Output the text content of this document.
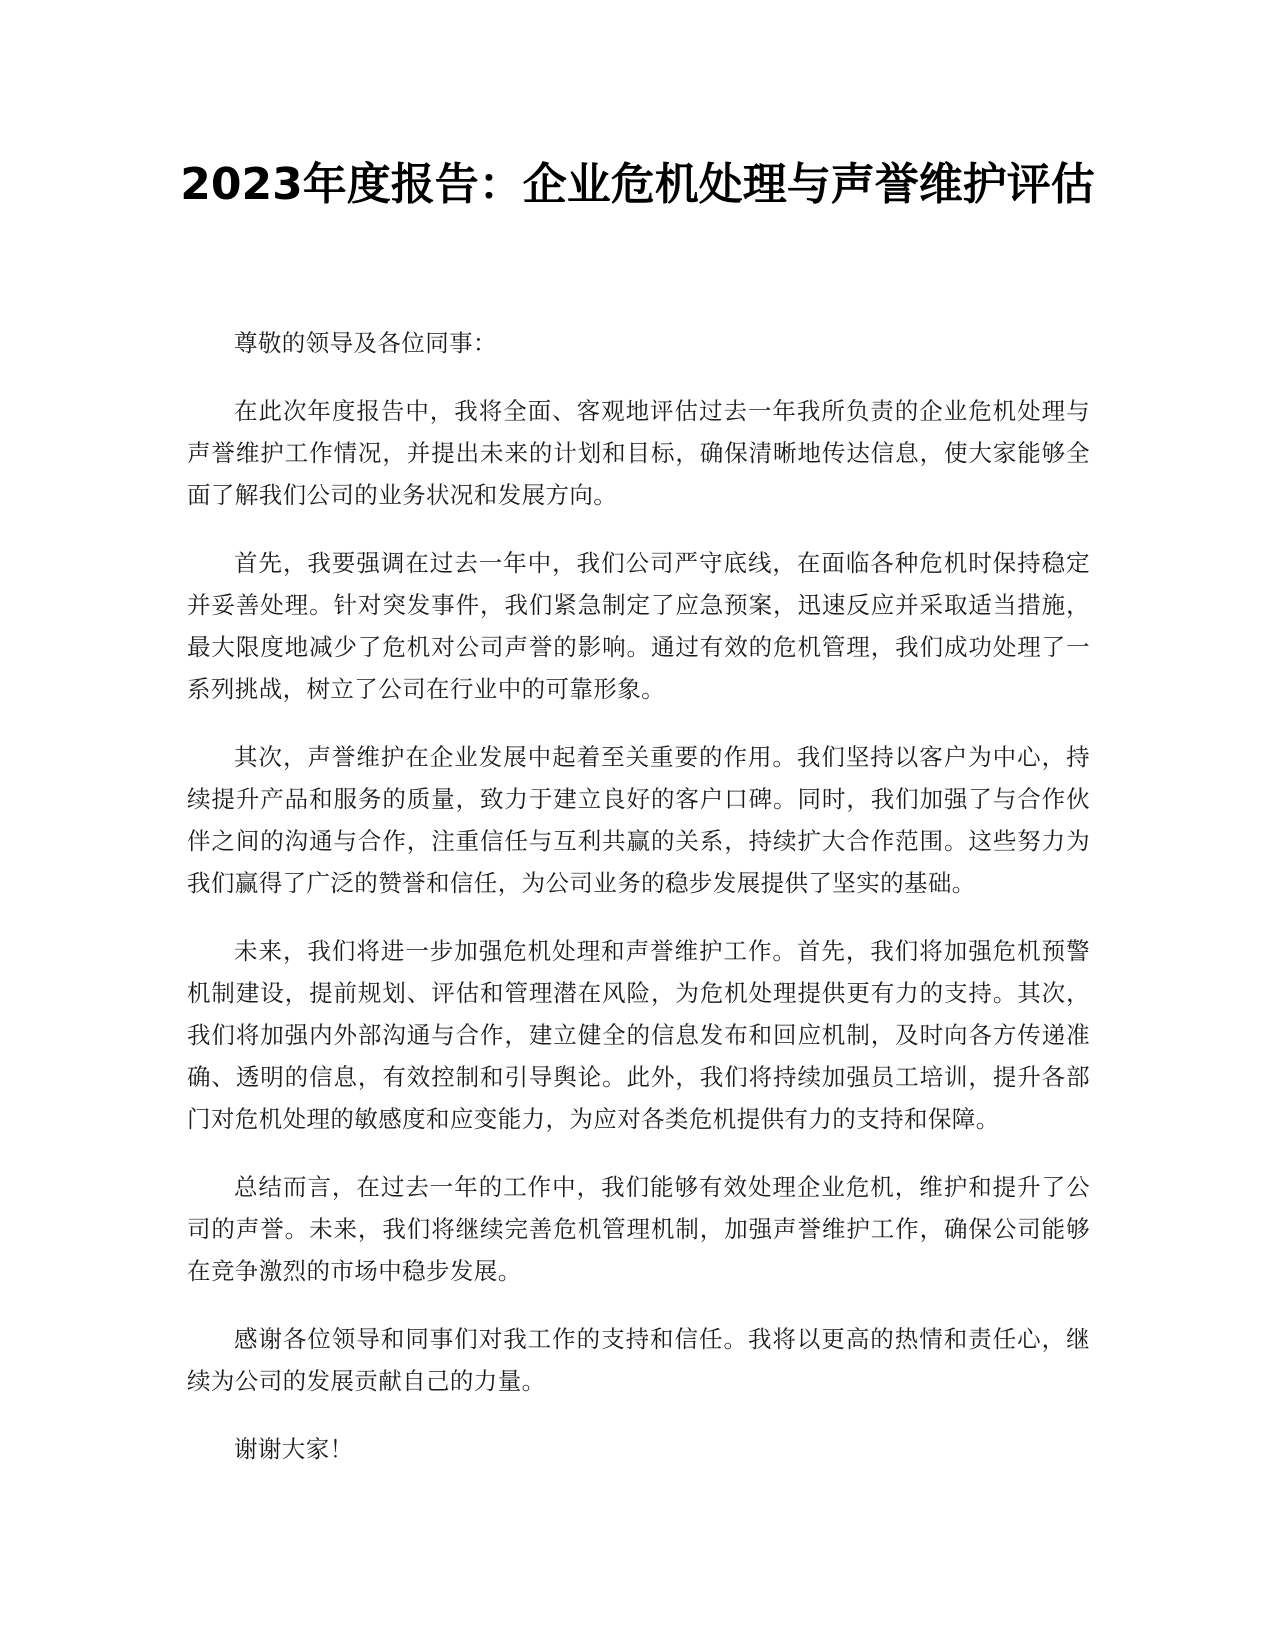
2023年度报告：企业危机处理与声誉维护评估

尊敬的领导及各位同事：

在此次年度报告中，我将全面、客观地评估过去一年我所负责的企业危机处理与声誉维护工作情况，并提出未来的计划和目标，确保清晰地传达信息，使大家能够全面了解我们公司的业务状况和发展方向。

首先，我要强调在过去一年中，我们公司严守底线，在面临各种危机时保持稳定并妥善处理。针对突发事件，我们紧急制定了应急预案，迅速反应并采取适当措施，最大限度地减少了危机对公司声誉的影响。通过有效的危机管理，我们成功处理了一系列挑战，树立了公司在行业中的可靠形象。

其次，声誉维护在企业发展中起着至关重要的作用。我们坚持以客户为中心，持续提升产品和服务的质量，致力于建立良好的客户口碑。同时，我们加强了与合作伙伴之间的沟通与合作，注重信任与互利共赢的关系，持续扩大合作范围。这些努力为我们赢得了广泛的赞誉和信任，为公司业务的稳步发展提供了坚实的基础。

未来，我们将进一步加强危机处理和声誉维护工作。首先，我们将加强危机预警机制建设，提前规划、评估和管理潜在风险，为危机处理提供更有力的支持。其次，我们将加强内外部沟通与合作，建立健全的信息发布和回应机制，及时向各方传递准确、透明的信息，有效控制和引导舆论。此外，我们将持续加强员工培训，提升各部门对危机处理的敏感度和应变能力，为应对各类危机提供有力的支持和保障。

总结而言，在过去一年的工作中，我们能够有效处理企业危机，维护和提升了公司的声誉。未来，我们将继续完善危机管理机制，加强声誉维护工作，确保公司能够在竞争激烈的市场中稳步发展。

感谢各位领导和同事们对我工作的支持和信任。我将以更高的热情和责任心，继续为公司的发展贡献自己的力量。

谢谢大家！
